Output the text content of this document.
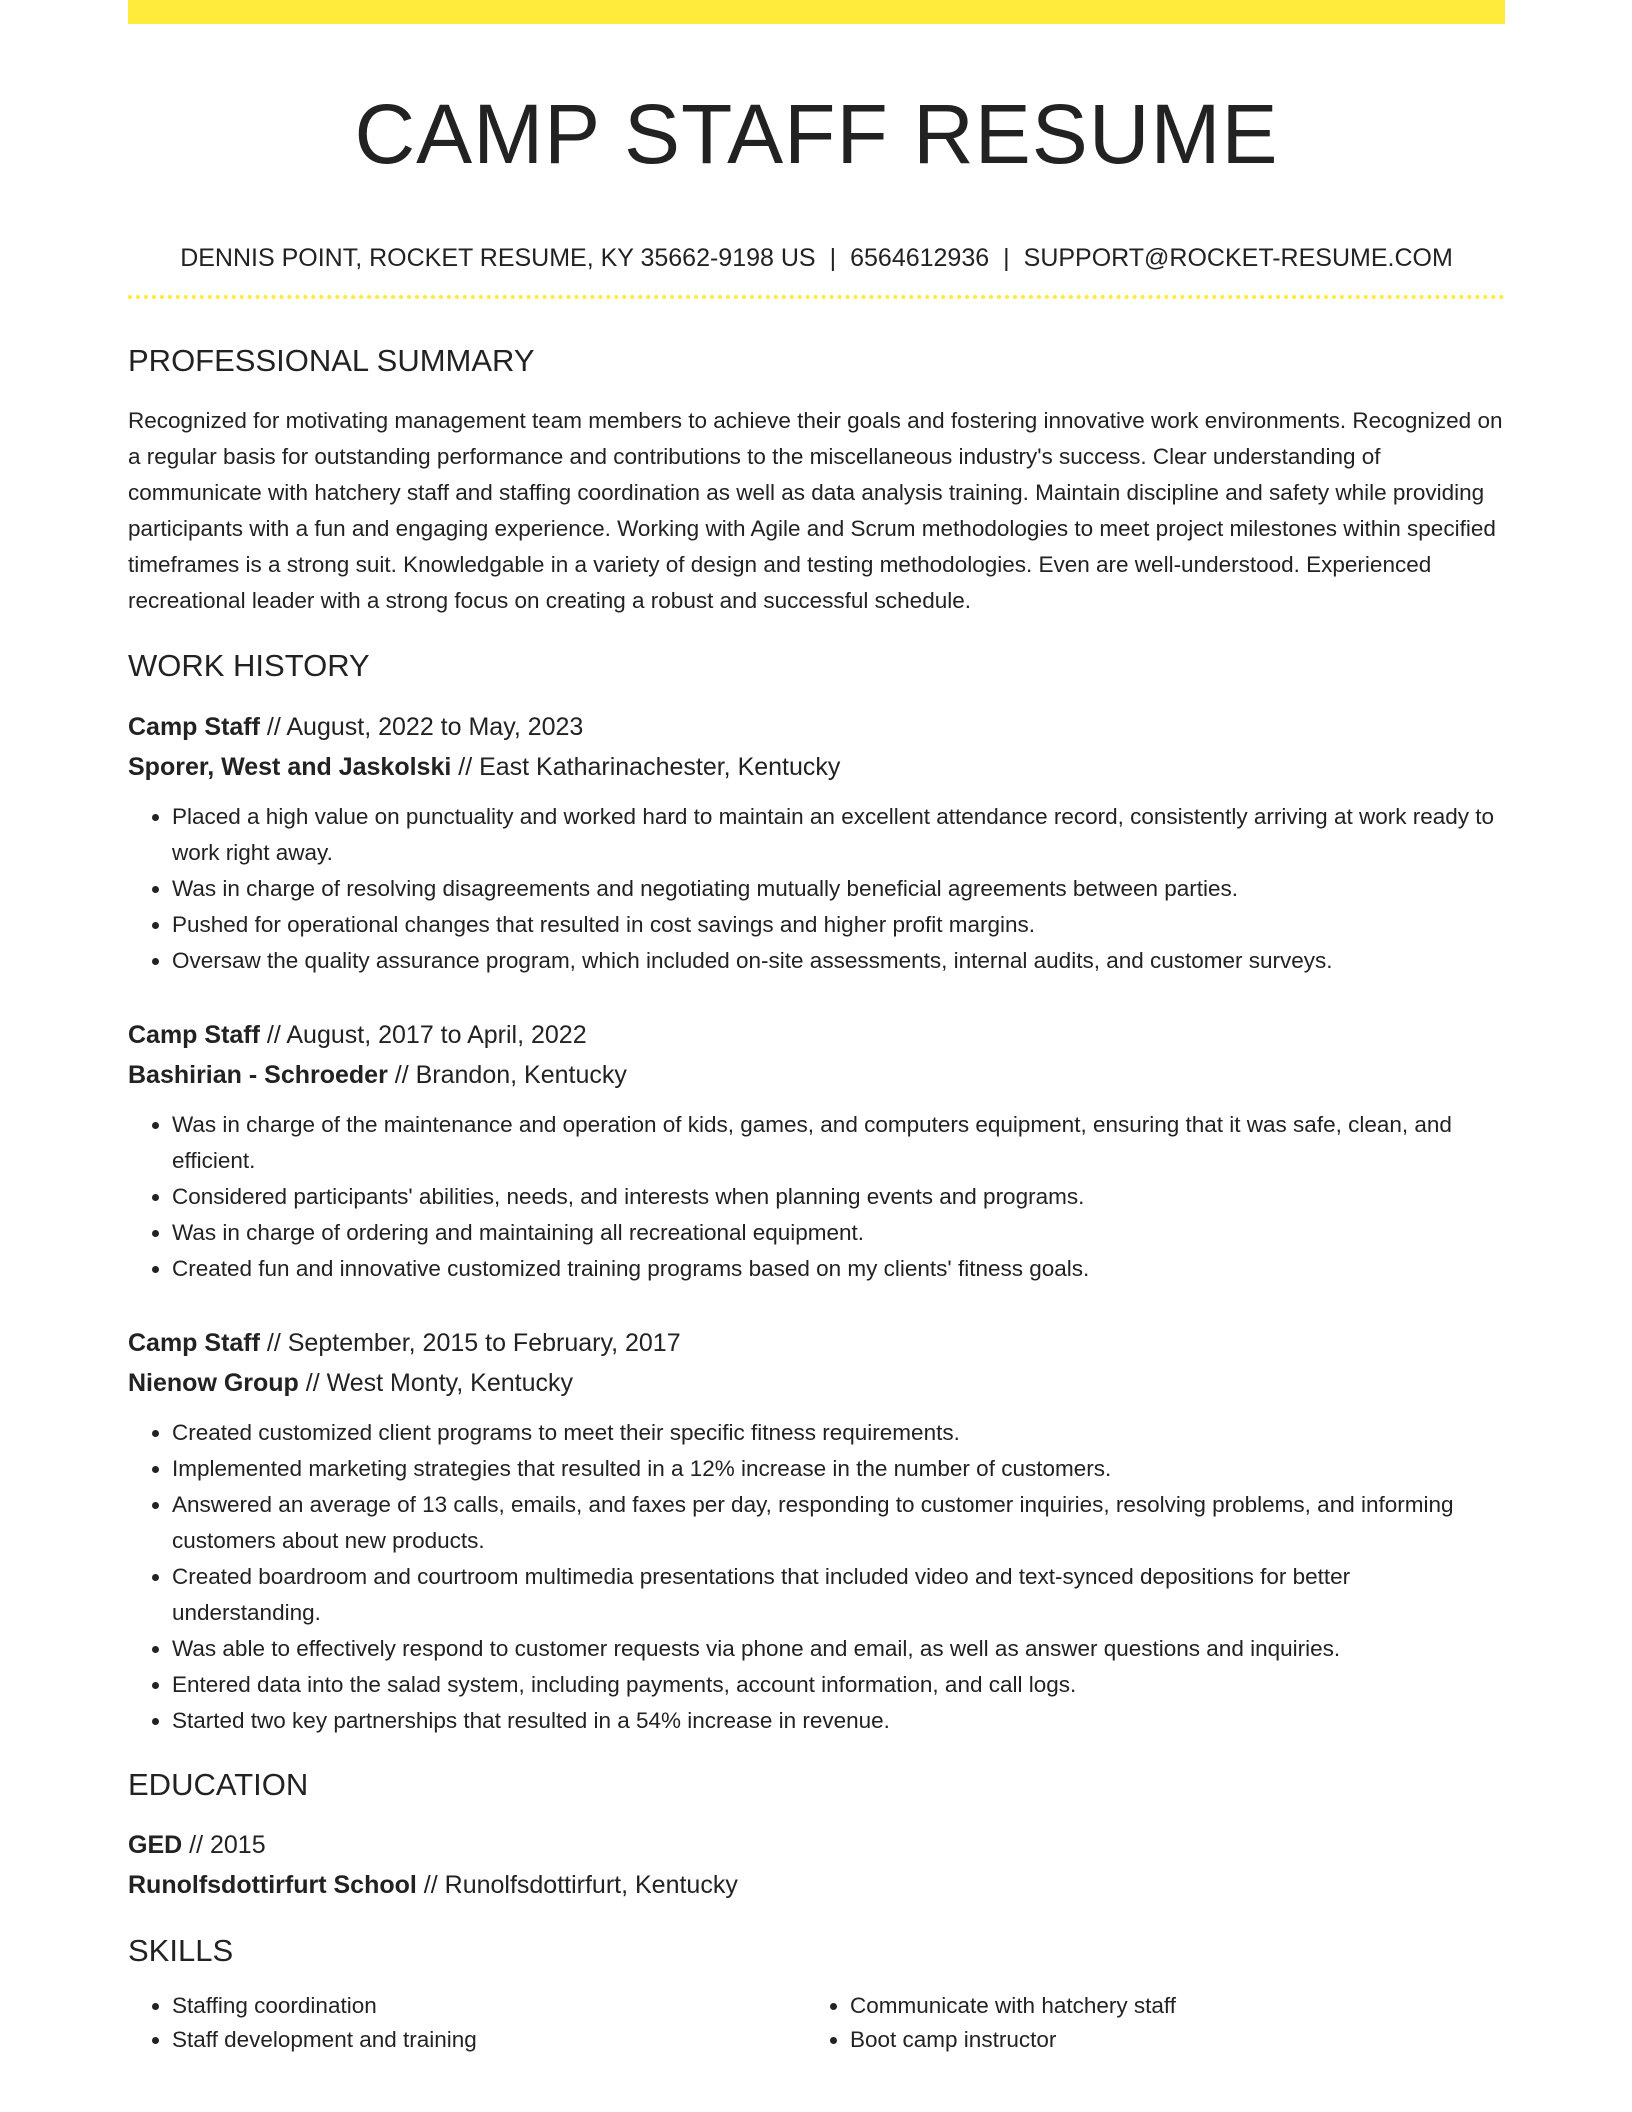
CAMP STAFF RESUME
DENNIS POINT, ROCKET RESUME, KY 35662-9198 US | 6564612936 | SUPPORT@ROCKET-RESUME.COM
PROFESSIONAL SUMMARY
Recognized for motivating management team members to achieve their goals and fostering innovative work environments. Recognized on a regular basis for outstanding performance and contributions to the miscellaneous industry's success. Clear understanding of communicate with hatchery staff and staffing coordination as well as data analysis training. Maintain discipline and safety while providing participants with a fun and engaging experience. Working with Agile and Scrum methodologies to meet project milestones within specified timeframes is a strong suit. Knowledgable in a variety of design and testing methodologies. Even are well-understood. Experienced recreational leader with a strong focus on creating a robust and successful schedule.
WORK HISTORY
Camp Staff // August, 2022 to May, 2023
Sporer, West and Jaskolski // East Katharinachester, Kentucky
• Placed a high value on punctuality and worked hard to maintain an excellent attendance record, consistently arriving at work ready to work right away.
• Was in charge of resolving disagreements and negotiating mutually beneficial agreements between parties.
• Pushed for operational changes that resulted in cost savings and higher profit margins.
• Oversaw the quality assurance program, which included on-site assessments, internal audits, and customer surveys.
Camp Staff // August, 2017 to April, 2022
Bashirian - Schroeder // Brandon, Kentucky
• Was in charge of the maintenance and operation of kids, games, and computers equipment, ensuring that it was safe, clean, and efficient.
• Considered participants' abilities, needs, and interests when planning events and programs.
• Was in charge of ordering and maintaining all recreational equipment.
• Created fun and innovative customized training programs based on my clients' fitness goals.
Camp Staff // September, 2015 to February, 2017
Nienow Group // West Monty, Kentucky
• Created customized client programs to meet their specific fitness requirements.
• Implemented marketing strategies that resulted in a 12% increase in the number of customers.
• Answered an average of 13 calls, emails, and faxes per day, responding to customer inquiries, resolving problems, and informing customers about new products.
• Created boardroom and courtroom multimedia presentations that included video and text-synced depositions for better understanding.
• Was able to effectively respond to customer requests via phone and email, as well as answer questions and inquiries.
• Entered data into the salad system, including payments, account information, and call logs.
• Started two key partnerships that resulted in a 54% increase in revenue.
EDUCATION
GED // 2015
Runolfsdottirfurt School // Runolfsdottirfurt, Kentucky
SKILLS
• Staffing coordination
• Staff development and training
• Communicate with hatchery staff
• Boot camp instructor
